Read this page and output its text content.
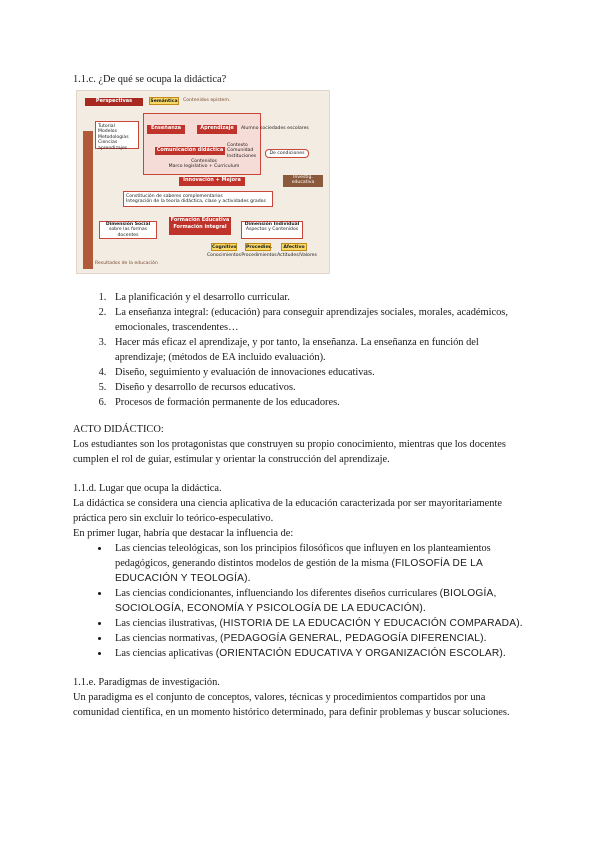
1.1.c. ¿De qué se ocupa la didáctica?

Perspectivas	Semántica	Contenidos epistem.
Tutorial
Modelos
Metodologías
Ciencias aprendizajes
Enseñanza	Aprendizaje	Alumno sociedades escolares
Comunicación didáctica
Contexto
Comunidad
Instituciones
De condiciones
Contenidos
Marco legislativo + Curriculum
Innovación + Mejora	Investig. educativa
Constitución de saberes complementarios
Integración de la teoría didáctica, clase y actividades grados
Dimensión Social
sobre las formas docentes
Formación Educativa
Formación integral	Dimensión Individual
Aspectos y Contenidos
Cognitivo Procedim.	Afectivo
Conocimientos Procedimientos Actitudes/Valores
Resultados de la educación
1. La planificación y el desarrollo curricular.
2. La enseñanza integral: (educación) para conseguir aprendizajes sociales, morales, académicos, emocionales, trascendentes…
3. Hacer más eficaz el aprendizaje, y por tanto, la enseñanza. La enseñanza en función del aprendizaje; (métodos de EA incluido evaluación).
4. Diseño, seguimiento y evaluación de innovaciones educativas.
5. Diseño y desarrollo de recursos educativos.
6. Procesos de formación permanente de los educadores.

ACTO DIDÁCTICO:

Los estudiantes son los protagonistas que construyen su propio conocimiento, mientras que los docentes cumplen el rol de guiar, estimular y orientar la construcción del aprendizaje.

1.1.d. Lugar que ocupa la didáctica.

La didáctica se considera una ciencia aplicativa de la educación caracterizada por ser mayoritariamente práctica pero sin excluir lo teórico-especulativo.

En primer lugar, habría que destacar la influencia de:

• Las ciencias teleológicas, son los principios filosóficos que influyen en los planteamientos pedagógicos, generando distintos modelos de gestión de la misma (FILOSOFÍA DE LA EDUCACIÓN Y TEOLOGÍA).
• Las ciencias condicionantes, influenciando los diferentes diseños curriculares (BIOLOGÍA, SOCIOLOGÍA, ECONOMÍA Y PSICOLOGÍA DE LA EDUCACIÓN).
• Las ciencias ilustrativas, (HISTORIA DE LA EDUCACIÓN Y EDUCACIÓN COMPARADA).
• Las ciencias normativas, (PEDAGOGÍA GENERAL, PEDAGOGÍA DIFERENCIAL).
• Las ciencias aplicativas (ORIENTACIÓN EDUCATIVA Y ORGANIZACIÓN ESCOLAR).

1.1.e. Paradigmas de investigación.

Un paradigma es el conjunto de conceptos, valores, técnicas y procedimientos compartidos por una comunidad científica, en un momento histórico determinado, para definir problemas y buscar soluciones.
